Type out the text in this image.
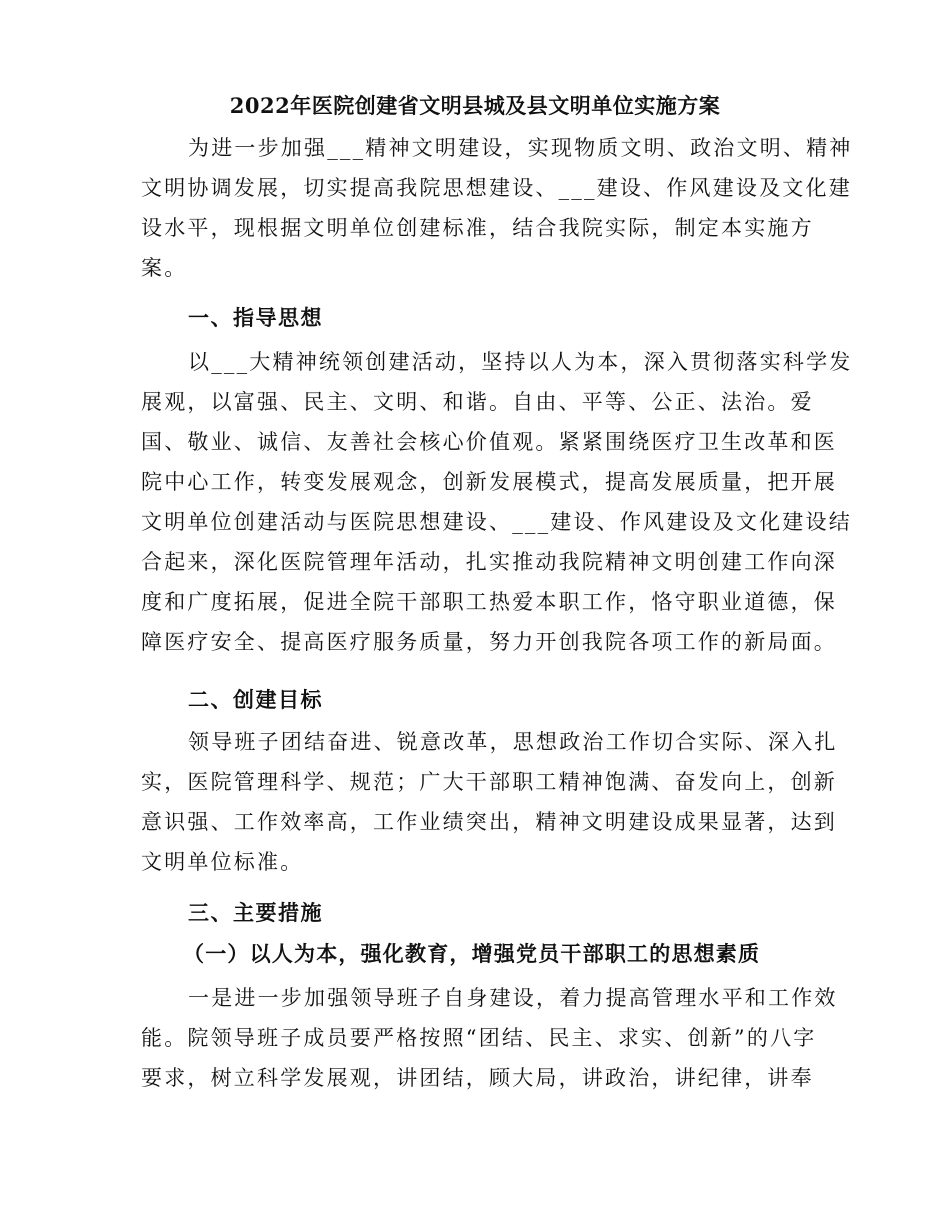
2022年医院创建省文明县城及县文明单位实施方案
为进一步加强___精神文明建设，实现物质文明、政治文明、精神
文明协调发展，切实提高我院思想建设、___建设、作风建设及文化建
设水平，现根据文明单位创建标准，结合我院实际，制定本实施方
案。
一、指导思想
以___大精神统领创建活动，坚持以人为本，深入贯彻落实科学发
展观，以富强、民主、文明、和谐。自由、平等、公正、法治。爱
国、敬业、诚信、友善社会核心价值观。紧紧围绕医疗卫生改革和医
院中心工作，转变发展观念，创新发展模式，提高发展质量，把开展
文明单位创建活动与医院思想建设、___建设、作风建设及文化建设结
合起来，深化医院管理年活动，扎实推动我院精神文明创建工作向深
度和广度拓展，促进全院干部职工热爱本职工作，恪守职业道德，保
障医疗安全、提高医疗服务质量，努力开创我院各项工作的新局面。
二、创建目标
领导班子团结奋进、锐意改革，思想政治工作切合实际、深入扎
实，医院管理科学、规范；广大干部职工精神饱满、奋发向上，创新
意识强、工作效率高，工作业绩突出，精神文明建设成果显著，达到
文明单位标准。
三、主要措施
（一）以人为本，强化教育，增强党员干部职工的思想素质
一是进一步加强领导班子自身建设，着力提高管理水平和工作效
能。院领导班子成员要严格按照“团结、民主、求实、创新”的八字
要求，树立科学发展观，讲团结，顾大局，讲政治，讲纪律，讲奉
